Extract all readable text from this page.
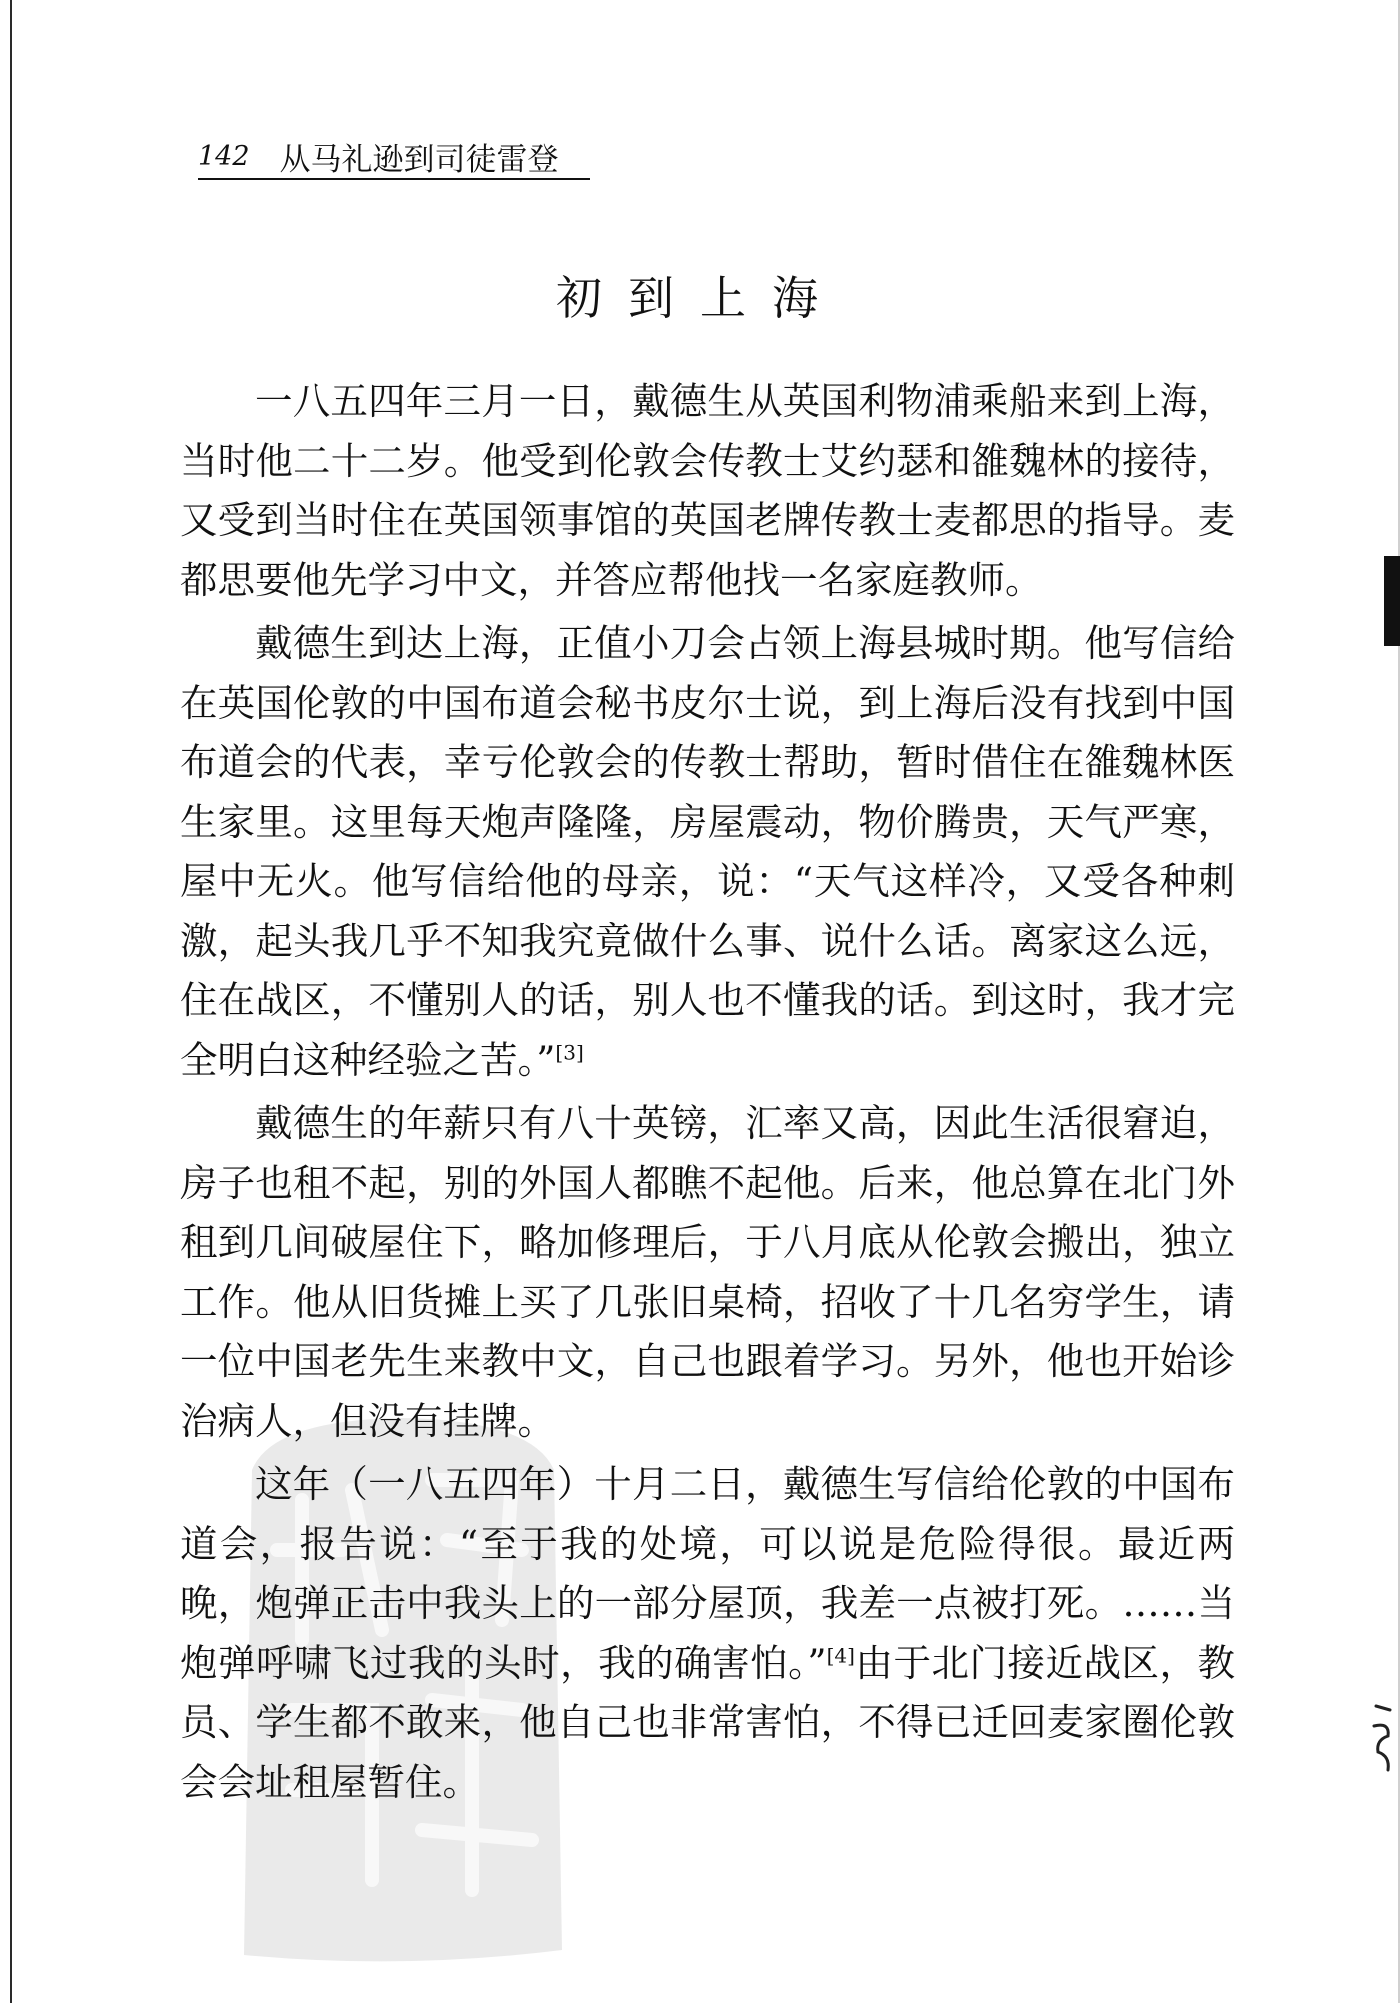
142 从马礼逊到司徒雷登
初到上海

一八五四年三月一日，戴德生从英国利物浦乘船来到上海，当时他二十二岁。他受到伦敦会传教士艾约瑟和雒魏林的接待，又受到当时住在英国领事馆的英国老牌传教士麦都思的指导。麦都思要他先学习中文，并答应帮他找一名家庭教师。

戴德生到达上海，正值小刀会占领上海县城时期。他写信给在英国伦敦的中国布道会秘书皮尔士说，到上海后没有找到中国布道会的代表，幸亏伦敦会的传教士帮助，暂时借住在雒魏林医生家里。这里每天炮声隆隆，房屋震动，物价腾贵，天气严寒，屋中无火。他写信给他的母亲，说：“天气这样冷，又受各种刺激，起头我几乎不知我究竟做什么事、说什么话。离家这么远，住在战区，不懂别人的话，别人也不懂我的话。到这时，我才完全明白这种经验之苦。”[3]

戴德生的年薪只有八十英镑，汇率又高，因此生活很窘迫，房子也租不起，别的外国人都瞧不起他。后来，他总算在北门外租到几间破屋住下，略加修理后，于八月底从伦敦会搬出，独立工作。他从旧货摊上买了几张旧桌椅，招收了十几名穷学生，请一位中国老先生来教中文，自己也跟着学习。另外，他也开始诊治病人，但没有挂牌。

这年（一八五四年）十月二日，戴德生写信给伦敦的中国布道会，报告说：“至于我的处境，可以说是危险得很。最近两晚，炮弹正击中我头上的一部分屋顶，我差一点被打死。……当炮弹呼啸飞过我的头时，我的确害怕。”[4]由于北门接近战区，教员、学生都不敢来，他自己也非常害怕，不得已迁回麦家圈伦敦会会址租屋暂住。
